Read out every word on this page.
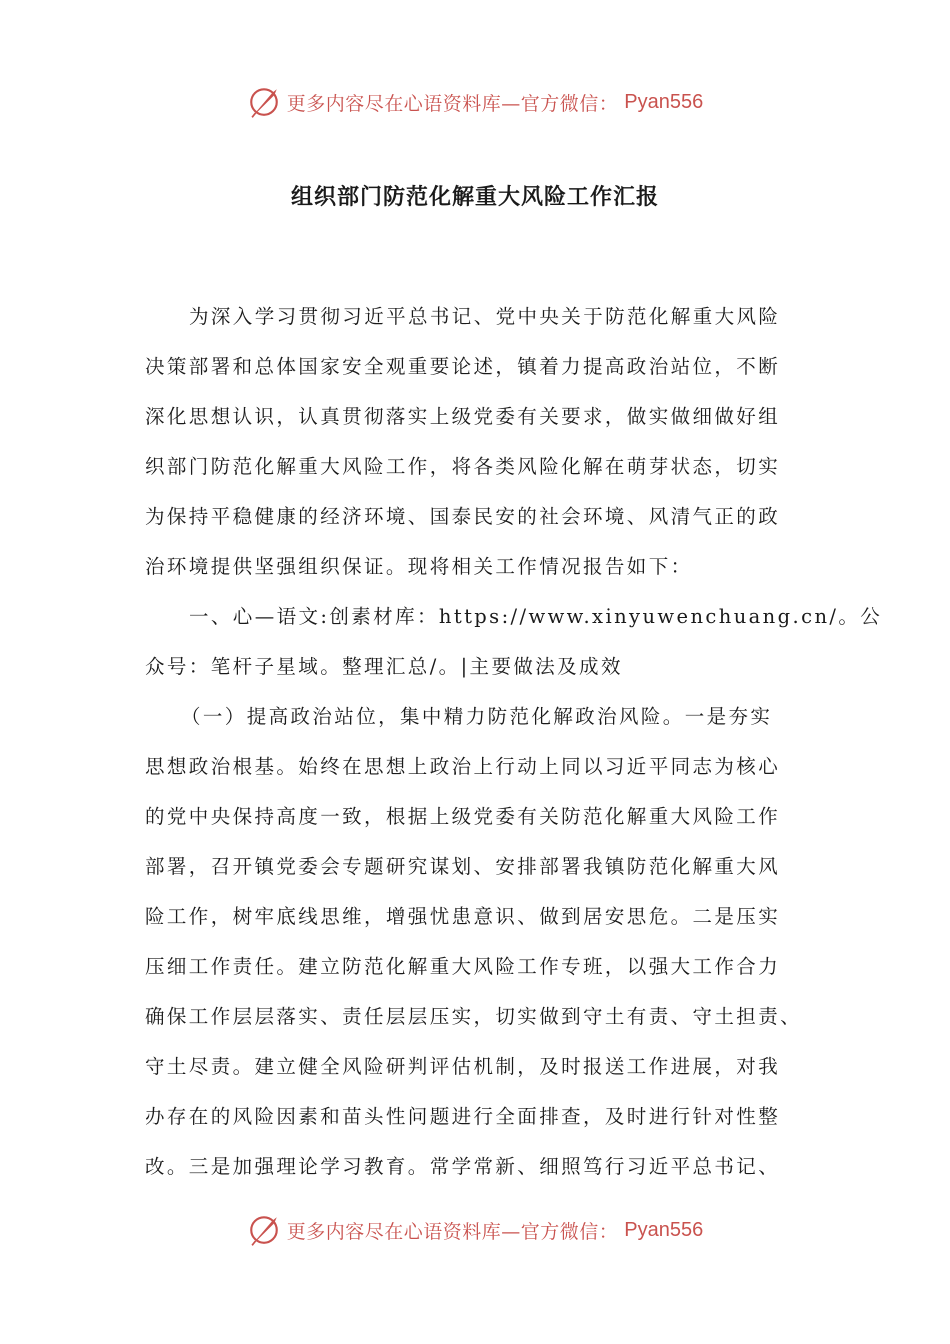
更多内容尽在心语资料库—官方微信： Pyan556
组织部门防范化解重大风险工作汇报
为深入学习贯彻习近平总书记、党中央关于防范化解重大风险
决策部署和总体国家安全观重要论述，镇着力提高政治站位，不断
深化思想认识，认真贯彻落实上级党委有关要求，做实做细做好组
织部门防范化解重大风险工作，将各类风险化解在萌芽状态，切实
为保持平稳健康的经济环境、国泰民安的社会环境、风清气正的政
治环境提供坚强组织保证。现将相关工作情况报告如下：
一、心—语文:创素材库：https://www.xinyuwenchuang.cn/。公
众号：笔杆子星域。整理汇总/。|主要做法及成效
（一）提高政治站位，集中精力防范化解政治风险。一是夯实
思想政治根基。始终在思想上政治上行动上同以习近平同志为核心
的党中央保持高度一致，根据上级党委有关防范化解重大风险工作
部署，召开镇党委会专题研究谋划、安排部署我镇防范化解重大风
险工作，树牢底线思维，增强忧患意识、做到居安思危。二是压实
压细工作责任。建立防范化解重大风险工作专班，以强大工作合力
确保工作层层落实、责任层层压实，切实做到守土有责、守土担责、
守土尽责。建立健全风险研判评估机制，及时报送工作进展，对我
办存在的风险因素和苗头性问题进行全面排查，及时进行针对性整
改。三是加强理论学习教育。常学常新、细照笃行习近平总书记、
更多内容尽在心语资料库—官方微信： Pyan556
